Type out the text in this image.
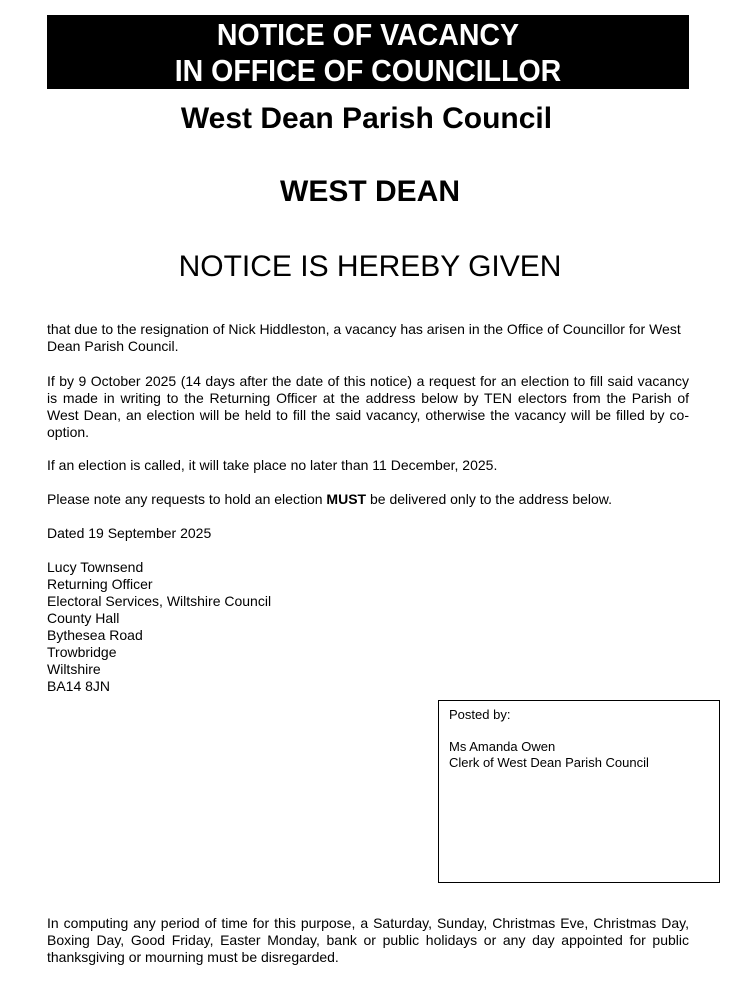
NOTICE OF VACANCY
IN OFFICE OF COUNCILLOR
West Dean Parish Council
WEST DEAN
NOTICE IS HEREBY GIVEN
that due to the resignation of Nick Hiddleston, a vacancy has arisen in the Office of Councillor for West Dean Parish Council.
If by 9 October 2025 (14 days after the date of this notice) a request for an election to fill said vacancy is made in writing to the Returning Officer at the address below by TEN electors from the Parish of West Dean, an election will be held to fill the said vacancy, otherwise the vacancy will be filled by co-option.
If an election is called, it will take place no later than 11 December, 2025.
Please note any requests to hold an election MUST be delivered only to the address below.
Dated 19 September 2025
Lucy Townsend
Returning Officer
Electoral Services, Wiltshire Council
County Hall
Bythesea Road
Trowbridge
Wiltshire
BA14 8JN
Posted by:
Ms Amanda Owen
Clerk of West Dean Parish Council
In computing any period of time for this purpose, a Saturday, Sunday, Christmas Eve, Christmas Day, Boxing Day, Good Friday, Easter Monday, bank or public holidays or any day appointed for public thanksgiving or mourning must be disregarded.
